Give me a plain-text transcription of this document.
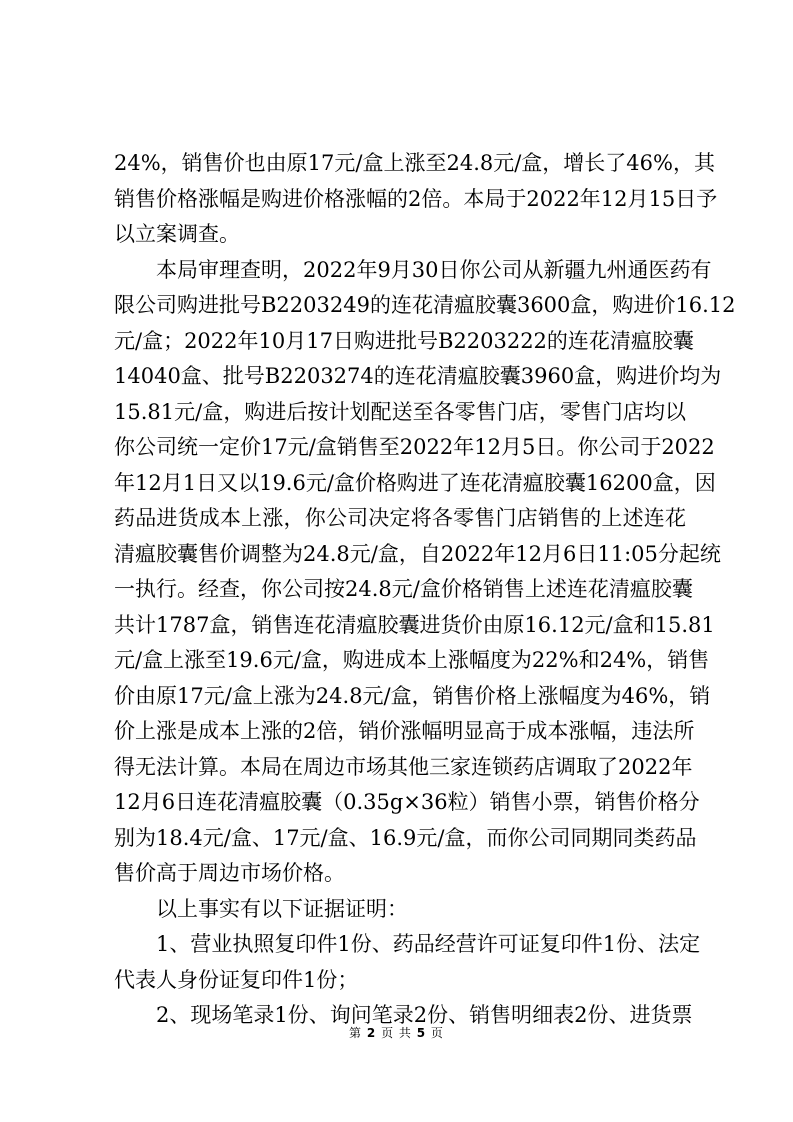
24%，销售价也由原17元/盒上涨至24.8元/盒，增长了46%，其
销售价格涨幅是购进价格涨幅的2倍。本局于2022年12月15日予
以立案调查。
本局审理查明，2022年9月30日你公司从新疆九州通医药有
限公司购进批号B2203249的连花清瘟胶囊3600盒，购进价16.12
元/盒；2022年10月17日购进批号B2203222的连花清瘟胶囊
14040盒、批号B2203274的连花清瘟胶囊3960盒，购进价均为
15.81元/盒，购进后按计划配送至各零售门店，零售门店均以
你公司统一定价17元/盒销售至2022年12月5日。你公司于2022
年12月1日又以19.6元/盒价格购进了连花清瘟胶囊16200盒，因
药品进货成本上涨，你公司决定将各零售门店销售的上述连花
清瘟胶囊售价调整为24.8元/盒，自2022年12月6日11:05分起统
一执行。经查，你公司按24.8元/盒价格销售上述连花清瘟胶囊
共计1787盒，销售连花清瘟胶囊进货价由原16.12元/盒和15.81
元/盒上涨至19.6元/盒，购进成本上涨幅度为22%和24%，销售
价由原17元/盒上涨为24.8元/盒，销售价格上涨幅度为46%，销
价上涨是成本上涨的2倍，销价涨幅明显高于成本涨幅，违法所
得无法计算。本局在周边市场其他三家连锁药店调取了2022年
12月6日连花清瘟胶囊（0.35g×36粒）销售小票，销售价格分
别为18.4元/盒、17元/盒、16.9元/盒，而你公司同期同类药品
售价高于周边市场价格。
以上事实有以下证据证明：
1、营业执照复印件1份、药品经营许可证复印件1份、法定
代表人身份证复印件1份；
2、现场笔录1份、询问笔录2份、销售明细表2份、进货票
第 2 页 共 5 页
